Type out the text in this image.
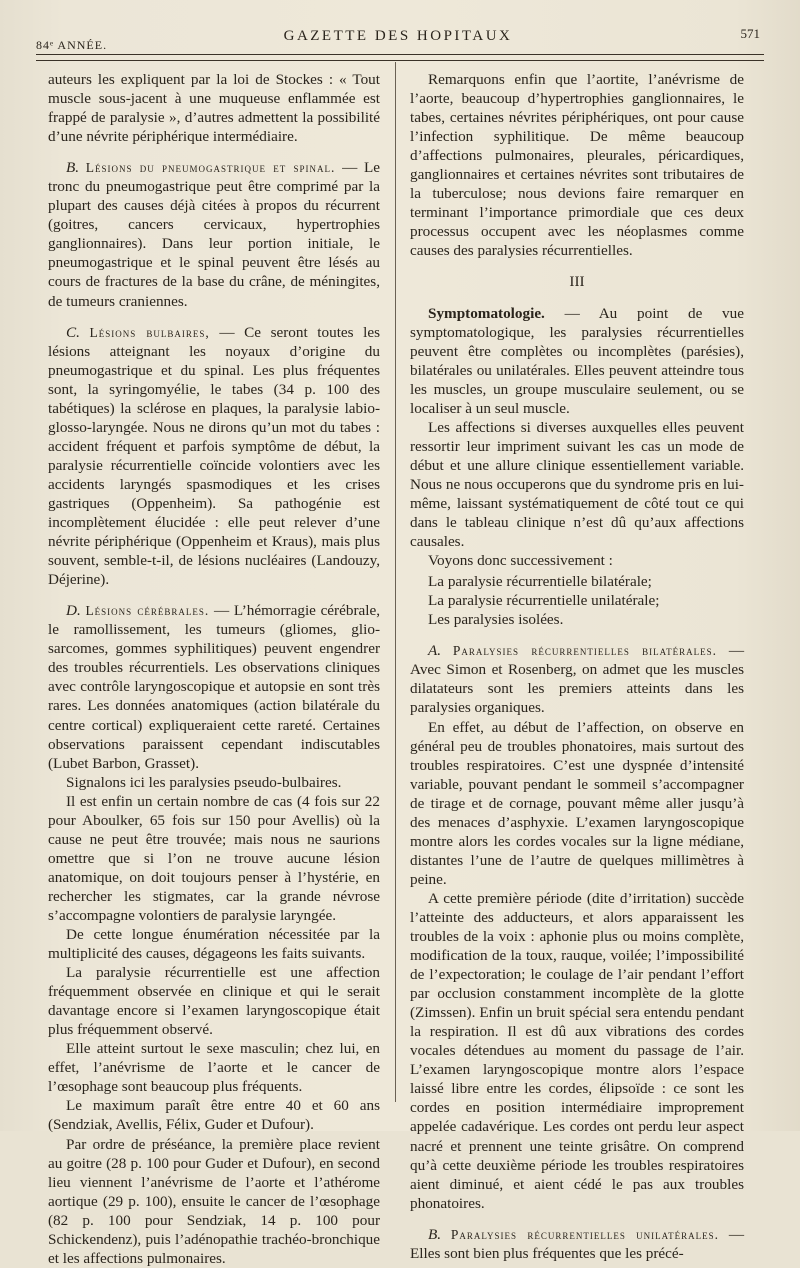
84ᵉ ANNÉE.
GAZETTE DES HOPITAUX	571

auteurs les expliquent par la loi de Stockes : « Tout muscle sous-jacent à une muqueuse enflammée est frappé de paralysie », d’autres admettent la possibilité d’une névrite périphérique intermédiaire.

B. Lésions du pneumogastrique et spinal. — Le tronc du pneumogastrique peut être comprimé par la plupart des causes déjà citées à propos du récurrent (goitres, cancers cervicaux, hypertrophies ganglionnaires). Dans leur portion initiale, le pneumogastrique et le spinal peuvent être lésés au cours de fractures de la base du crâne, de méningites, de tumeurs craniennes.

C. Lésions bulbaires, — Ce seront toutes les lésions atteignant les noyaux d’origine du pneumogastrique et du spinal. Les plus fréquentes sont, la syringomyélie, le tabes (34 p. 100 des tabétiques) la sclérose en plaques, la paralysie labio-glosso-laryngée. Nous ne dirons qu’un mot du tabes : accident fréquent et parfois symptôme de début, la paralysie récurrentielle coïncide volontiers avec les accidents laryngés spasmodiques et les crises gastriques (Oppenheim). Sa pathogénie est incomplètement élucidée : elle peut relever d’une névrite périphérique (Oppenheim et Kraus), mais plus souvent, semble-t-il, de lésions nucléaires (Landouzy, Déjerine).

D. Lésions cérébrales. — L’hémorragie cérébrale, le ramollissement, les tumeurs (gliomes, glio-sarcomes, gommes syphilitiques) peuvent engendrer des troubles récurrentiels. Les observations cliniques avec contrôle laryngoscopique et autopsie en sont très rares. Les données anatomiques (action bilatérale du centre cortical) expliqueraient cette rareté. Certaines observations paraissent cependant indiscutables (Lubet Barbon, Grasset).

Signalons ici les paralysies pseudo-bulbaires.

Il est enfin un certain nombre de cas (4 fois sur 22 pour Aboulker, 65 fois sur 150 pour Avellis) où la cause ne peut être trouvée; mais nous ne saurions omettre que si l’on ne trouve aucune lésion anatomique, on doit toujours penser à l’hystérie, en rechercher les stigmates, car la grande névrose s’accompagne volontiers de paralysie laryngée.

De cette longue énumération nécessitée par la multiplicité des causes, dégageons les faits suivants.

La paralysie récurrentielle est une affection fréquemment observée en clinique et qui le serait davantage encore si l’examen laryngoscopique était plus fréquemment observé.

Elle atteint surtout le sexe masculin; chez lui, en effet, l’anévrisme de l’aorte et le cancer de l’œsophage sont beaucoup plus fréquents.

Le maximum paraît être entre 40 et 60 ans (Sendziak, Avellis, Félix, Guder et Dufour).

Par ordre de préséance, la première place revient au goitre (28 p. 100 pour Guder et Dufour), en second lieu viennent l’anévrisme de l’aorte et l’athérome aortique (29 p. 100), ensuite le cancer de l’œsophage (82 p. 100 pour Sendziak, 14 p. 100 pour Schickendenz), puis l’adénopathie trachéo-bronchique et les affections pulmonaires.

Remarquons enfin que l’aortite, l’anévrisme de l’aorte, beaucoup d’hypertrophies ganglionnaires, le tabes, certaines névrites périphériques, ont pour cause l’infection syphilitique. De même beaucoup d’affections pulmonaires, pleurales, péricardiques, ganglionnaires et certaines névrites sont tributaires de la tuberculose; nous devions faire remarquer en terminant l’importance primordiale que ces deux processus occupent avec les néoplasmes comme causes des paralysies récurrentielles.

III

Symptomatologie. — Au point de vue symptomatologique, les paralysies récurrentielles peuvent être complètes ou incomplètes (parésies), bilatérales ou unilatérales. Elles peuvent atteindre tous les muscles, un groupe musculaire seulement, ou se localiser à un seul muscle.

Les affections si diverses auxquelles elles peuvent ressortir leur impriment suivant les cas un mode de début et une allure clinique essentiellement variable. Nous ne nous occuperons que du syndrome pris en lui-même, laissant systématiquement de côté tout ce qui dans le tableau clinique n’est dû qu’aux affections causales.

Voyons donc successivement :

La paralysie récurrentielle bilatérale;

La paralysie récurrentielle unilatérale;

Les paralysies isolées.

A. Paralysies récurrentielles bilatérales. — Avec Simon et Rosenberg, on admet que les muscles dilatateurs sont les premiers atteints dans les paralysies organiques.

En effet, au début de l’affection, on observe en général peu de troubles phonatoires, mais surtout des troubles respiratoires. C’est une dyspnée d’intensité variable, pouvant pendant le sommeil s’accompagner de tirage et de cornage, pouvant même aller jusqu’à des menaces d’asphyxie. L’examen laryngoscopique montre alors les cordes vocales sur la ligne médiane, distantes l’une de l’autre de quelques millimètres à peine.

A cette première période (dite d’irritation) succède l’atteinte des adducteurs, et alors apparaissent les troubles de la voix : aphonie plus ou moins complète, modification de la toux, rauque, voilée; l’impossibilité de l’expectoration; le coulage de l’air pendant l’effort par occlusion constamment incomplète de la glotte (Zimssen). Enfin un bruit spécial sera entendu pendant la respiration. Il est dû aux vibrations des cordes vocales détendues au moment du passage de l’air. L’examen laryngoscopique montre alors l’espace laissé libre entre les cordes, élipsoïde : ce sont les cordes en position intermédiaire improprement appelée cadavérique. Les cordes ont perdu leur aspect nacré et prennent une teinte grisâtre. On comprend qu’à cette deuxième période les troubles respiratoires aient diminué, et aient cédé le pas aux troubles phonatoires.

B. Paralysies récurrentielles unilatérales. — Elles sont bien plus fréquentes que les précé-
